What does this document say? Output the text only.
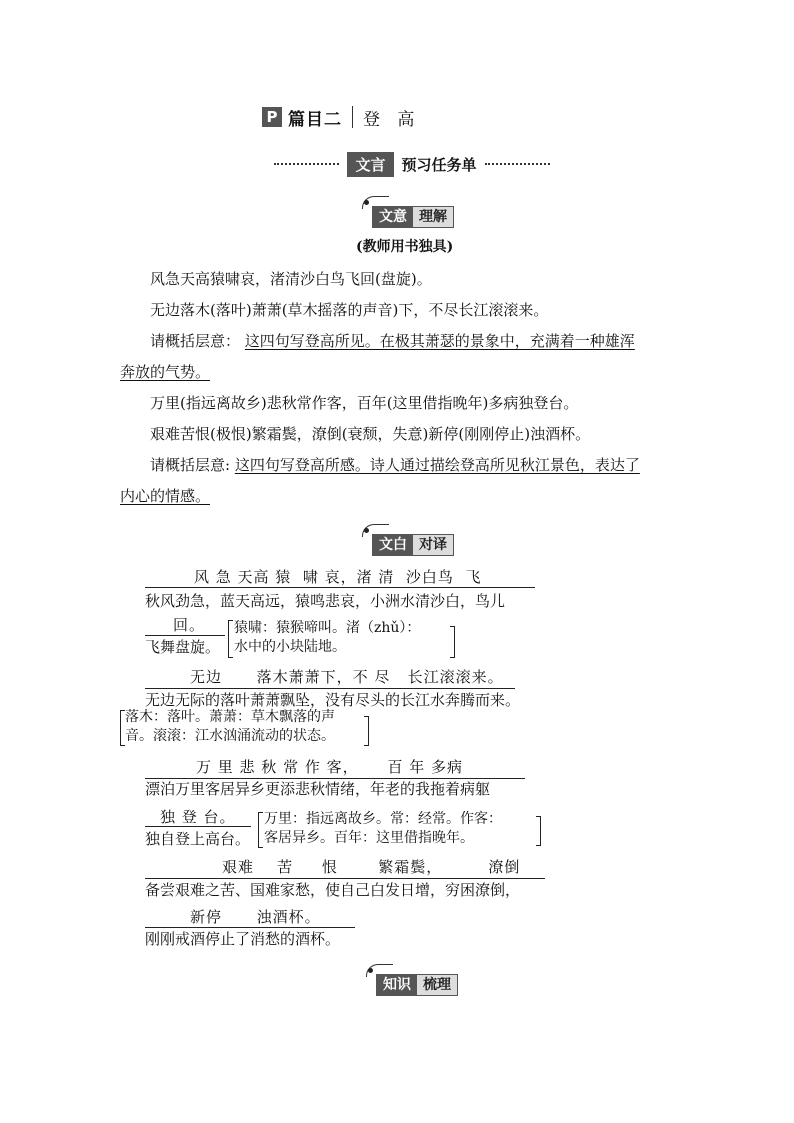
P 篇目二 登 高
文言	预习任务单
文意 理解
(教师用书独具)
风急天高猿啸哀，渚清沙白鸟飞回(盘旋)。
无边落木(落叶)萧萧(草木摇落的声音)下，不尽长江滚滚来。
请概括层意： 这四句写登高所见。在极其萧瑟的景象中，充满着一种雄浑
奔放的气势。
万里(指远离故乡)悲秋常作客，百年(这里借指晚年)多病独登台。
艰难苦恨(极恨)繁霜鬓，潦倒(衰颓，失意)新停(刚刚停止)浊酒杯。
请概括层意: 这四句写登高所感。诗人通过描绘登高所见秋江景色，表达了
内心的情感。
文白 对译
风 急 天高 猿  啸 哀，渚 清  沙白鸟  飞
秋风劲急，蓝天高远，猿鸣悲哀，小洲水清沙白，鸟儿
回。
飞舞盘旋。
猿啸：猿猴啼叫。渚（zhǔ）：
水中的小块陆地。
无边      落木萧萧下，不 尽   长江滚滚来。
无边无际的落叶萧萧飘坠，没有尽头的长江水奔腾而来。
落木：落叶。萧萧：草木飘落的声
音。滚滚：江水汹涌流动的状态。
万 里 悲 秋 常 作 客，     百 年 多病
漂泊万里客居异乡更添悲秋情绪，年老的我拖着病躯
独 登 台。
独自登上高台。
万里：指远离故乡。常：经常。作客：
客居异乡。百年：这里借指晚年。
艰难    苦     恨       繁霜鬓，        潦倒
备尝艰难之苦、国难家愁，使自己白发日增，穷困潦倒，
新停      浊酒杯。
刚刚戒酒停止了消愁的酒杯。
知识 梳理
